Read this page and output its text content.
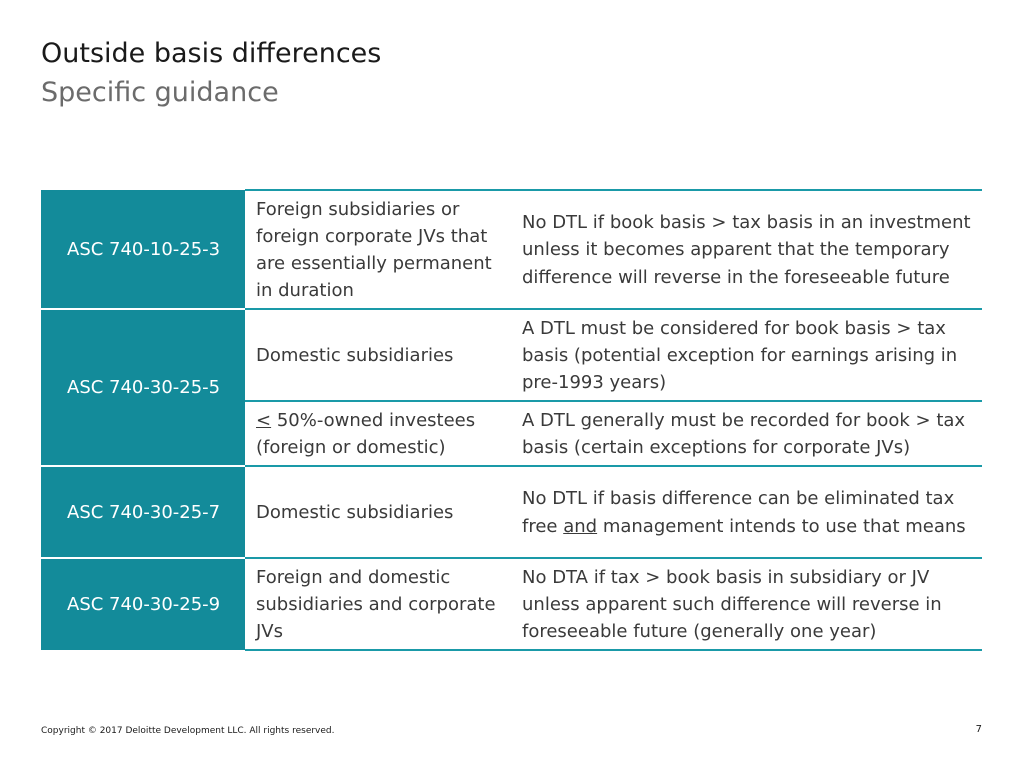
Outside basis differences
Specific guidance
ASC 740-10-25-3	Foreign subsidiaries or foreign corporate JVs that are essentially permanent in duration	No DTL if book basis > tax basis in an investment unless it becomes apparent that the temporary difference will reverse in the foreseeable future
ASC 740-30-25-5	Domestic subsidiaries	A DTL must be considered for book basis > tax basis (potential exception for earnings arising in pre-1993 years)
	< 50%-owned investees (foreign or domestic)	A DTL generally must be recorded for book > tax basis (certain exceptions for corporate JVs)
ASC 740-30-25-7	Domestic subsidiaries	No DTL if basis difference can be eliminated tax free and management intends to use that means
ASC 740-30-25-9	Foreign and domestic subsidiaries and corporate JVs	No DTA if tax > book basis in subsidiary or JV unless apparent such difference will reverse in foreseeable future (generally one year)
Copyright © 2017 Deloitte Development LLC. All rights reserved.	7
